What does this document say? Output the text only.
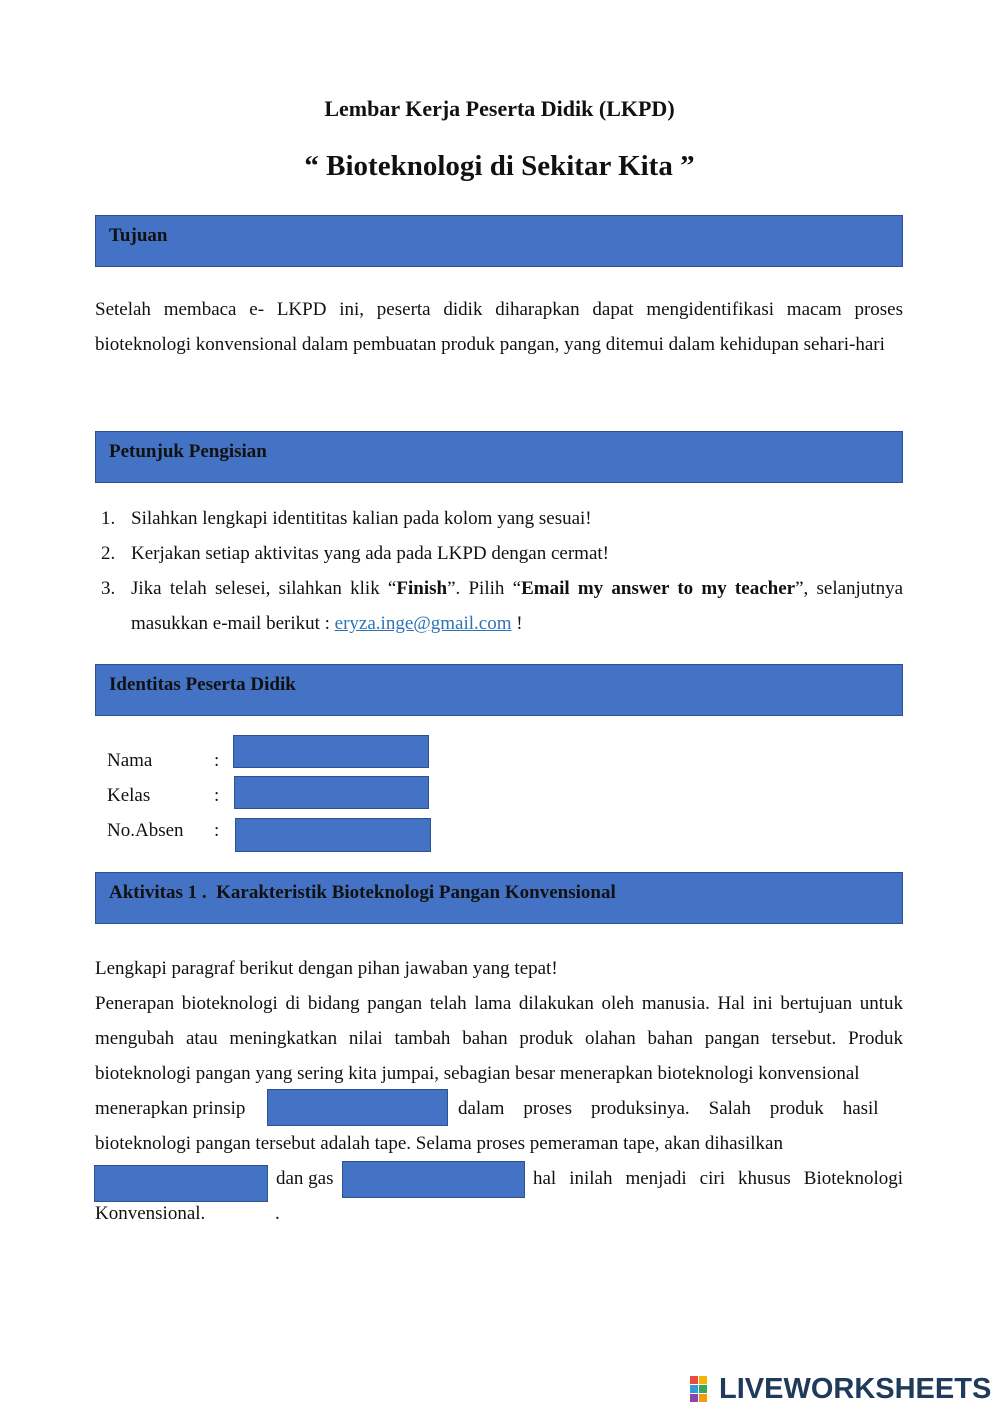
Lembar Kerja Peserta Didik (LKPD)
“ Bioteknologi di Sekitar Kita ”
Tujuan
Setelah membaca e- LKPD ini, peserta didik diharapkan dapat mengidentifikasi macam proses bioteknologi konvensional dalam pembuatan produk pangan, yang ditemui dalam kehidupan sehari-hari
Petunjuk Pengisian
1. Silahkan lengkapi identititas kalian pada kolom yang sesuai!
2. Kerjakan setiap aktivitas yang ada pada LKPD dengan cermat!
3. Jika telah selesei, silahkan klik “Finish”. Pilih “Email my answer to my teacher”, selanjutnya masukkan e-mail berikut : eryza.inge@gmail.com !
Identitas Peserta Didik
Nama	:
Kelas	:
No.Absen :
Aktivitas 1 .  Karakteristik Bioteknologi Pangan Konvensional
Lengkapi paragraf berikut dengan pihan jawaban yang tepat!
Penerapan bioteknologi di bidang pangan telah lama dilakukan oleh manusia. Hal ini bertujuan untuk mengubah atau meningkatkan nilai tambah bahan produk olahan bahan pangan tersebut. Produk bioteknologi pangan yang sering kita jumpai, sebagian besar menerapkan bioteknologi konvensional
menerapkan prinsip	dalam    proses    produksinya.    Salah    produk    hasil
bioteknologi pangan tersebut adalah tape. Selama proses pemeraman tape, akan dihasilkan
dan gas	hal inilah menjadi ciri khusus Bioteknologi
Konvensional.	.
LIVEWORKSHEETS
